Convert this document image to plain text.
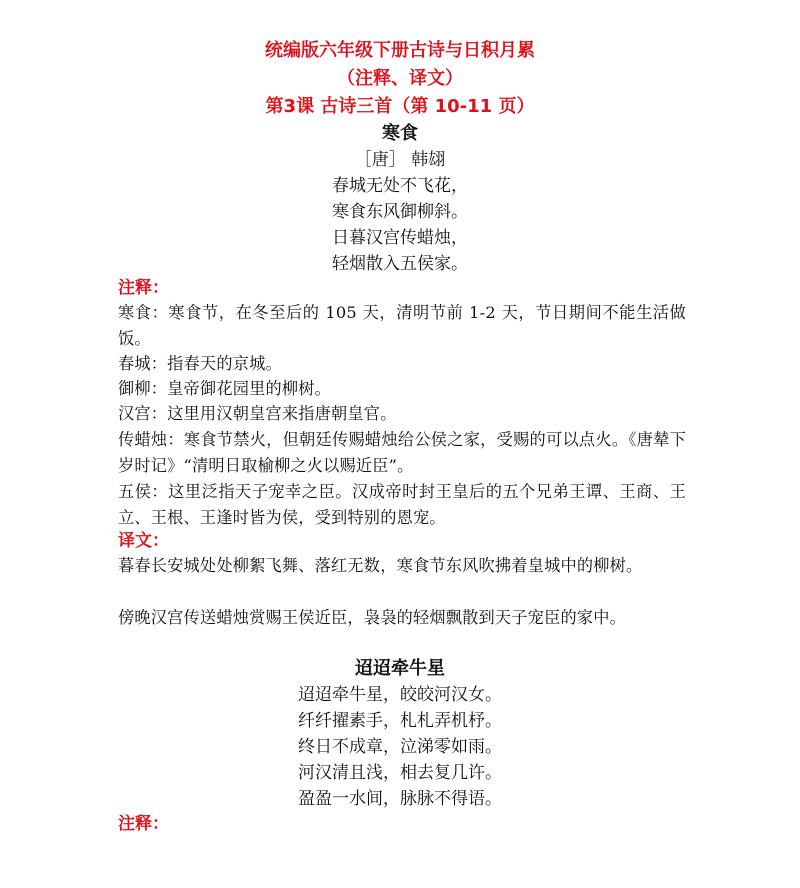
统编版六年级下册古诗与日积月累
（注释、译文）
第3课 古诗三首（第 10-11 页）
寒食
［唐］ 韩翃
春城无处不飞花，
寒食东风御柳斜。
日暮汉宫传蜡烛，
轻烟散入五侯家。
注释：
寒食：寒食节，在冬至后的 105 天，清明节前 1-2 天，节日期间不能生活做饭。
春城：指春天的京城。
御柳：皇帝御花园里的柳树。
汉宫：这里用汉朝皇宫来指唐朝皇官。
传蜡烛：寒食节禁火，但朝廷传赐蜡烛给公侯之家，受赐的可以点火。《唐辇下岁时记》“清明日取榆柳之火以赐近臣”。
五侯：这里泛指天子宠幸之臣。汉成帝时封王皇后的五个兄弟王谭、王商、王立、王根、王逢时皆为侯，受到特别的恩宠。
译文：
暮春长安城处处柳絮飞舞、落红无数，寒食节东风吹拂着皇城中的柳树。
傍晚汉宫传送蜡烛赏赐王侯近臣，袅袅的轻烟飘散到天子宠臣的家中。
迢迢牵牛星
迢迢牵牛星，皎皎河汉女。
纤纤擢素手，札札弄机杼。
终日不成章，泣涕零如雨。
河汉清且浅，相去复几许。
盈盈一水间，脉脉不得语。
注释：
